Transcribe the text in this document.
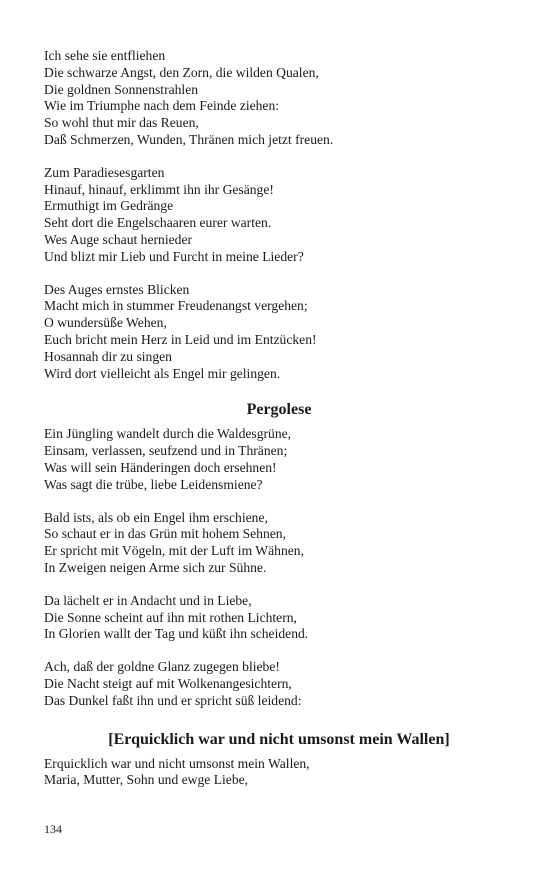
Ich sehe sie entfliehen
Die schwarze Angst, den Zorn, die wilden Qualen,
Die goldnen Sonnenstrahlen
Wie im Triumphe nach dem Feinde ziehen:
So wohl thut mir das Reuen,
Daß Schmerzen, Wunden, Thränen mich jetzt freuen.
Zum Paradiesesgarten
Hinauf, hinauf, erklimmt ihn ihr Gesänge!
Ermuthigt im Gedränge
Seht dort die Engelschaaren eurer warten.
Wes Auge schaut hernieder
Und blizt mir Lieb und Furcht in meine Lieder?
Des Auges ernstes Blicken
Macht mich in stummer Freudenangst vergehen;
O wundersüße Wehen,
Euch bricht mein Herz in Leid und im Entzücken!
Hosannah dir zu singen
Wird dort vielleicht als Engel mir gelingen.
Pergolese
Ein Jüngling wandelt durch die Waldesgrüne,
Einsam, verlassen, seufzend und in Thränen;
Was will sein Händeringen doch ersehnen!
Was sagt die trübe, liebe Leidensmiene?
Bald ists, als ob ein Engel ihm erschiene,
So schaut er in das Grün mit hohem Sehnen,
Er spricht mit Vögeln, mit der Luft im Wähnen,
In Zweigen neigen Arme sich zur Sühne.
Da lächelt er in Andacht und in Liebe,
Die Sonne scheint auf ihn mit rothen Lichtern,
In Glorien wallt der Tag und küßt ihn scheidend.
Ach, daß der goldne Glanz zugegen bliebe!
Die Nacht steigt auf mit Wolkenangesichtern,
Das Dunkel faßt ihn und er spricht süß leidend:
[Erquicklich war und nicht umsonst mein Wallen]
Erquicklich war und nicht umsonst mein Wallen,
Maria, Mutter, Sohn und ewge Liebe,
134
